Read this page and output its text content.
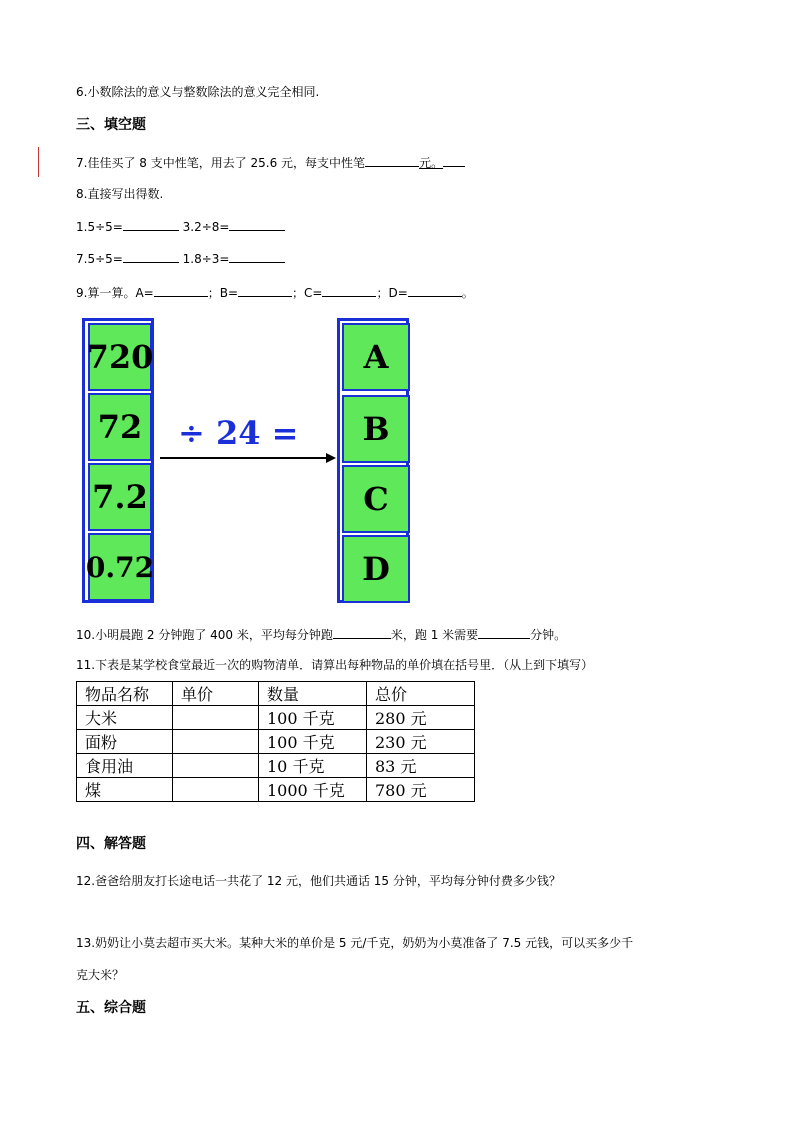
6.小数除法的意义与整数除法的意义完全相同.
三、填空题
7.佳佳买了 8 支中性笔，用去了 25.6 元，每支中性笔	元。
8.直接写出得数.
1.5÷5=	3.2÷8=
7.5÷5=	1.8÷3=
9.算一算。A=	；B=	；C=	；D=	。
720
72
7.2
0.72
÷ 24 =
A
B
C
D
10.小明晨跑 2 分钟跑了 400 米，平均每分钟跑	米，跑 1 米需要	分钟。
11.下表是某学校食堂最近一次的购物清单．请算出每种物品的单价填在括号里．（从上到下填写）
物品名称	单价	数量	总价
大米		100 千克	280 元
面粉		100 千克	230 元
食用油		10 千克	83 元
煤		1000 千克	780 元
四、解答题
12.爸爸给朋友打长途电话一共花了 12 元，他们共通话 15 分钟，平均每分钟付费多少钱？
13.奶奶让小莫去超市买大米。某种大米的单价是 5 元/千克，奶奶为小莫准备了 7.5 元钱，可以买多少千
克大米？
五、综合题
